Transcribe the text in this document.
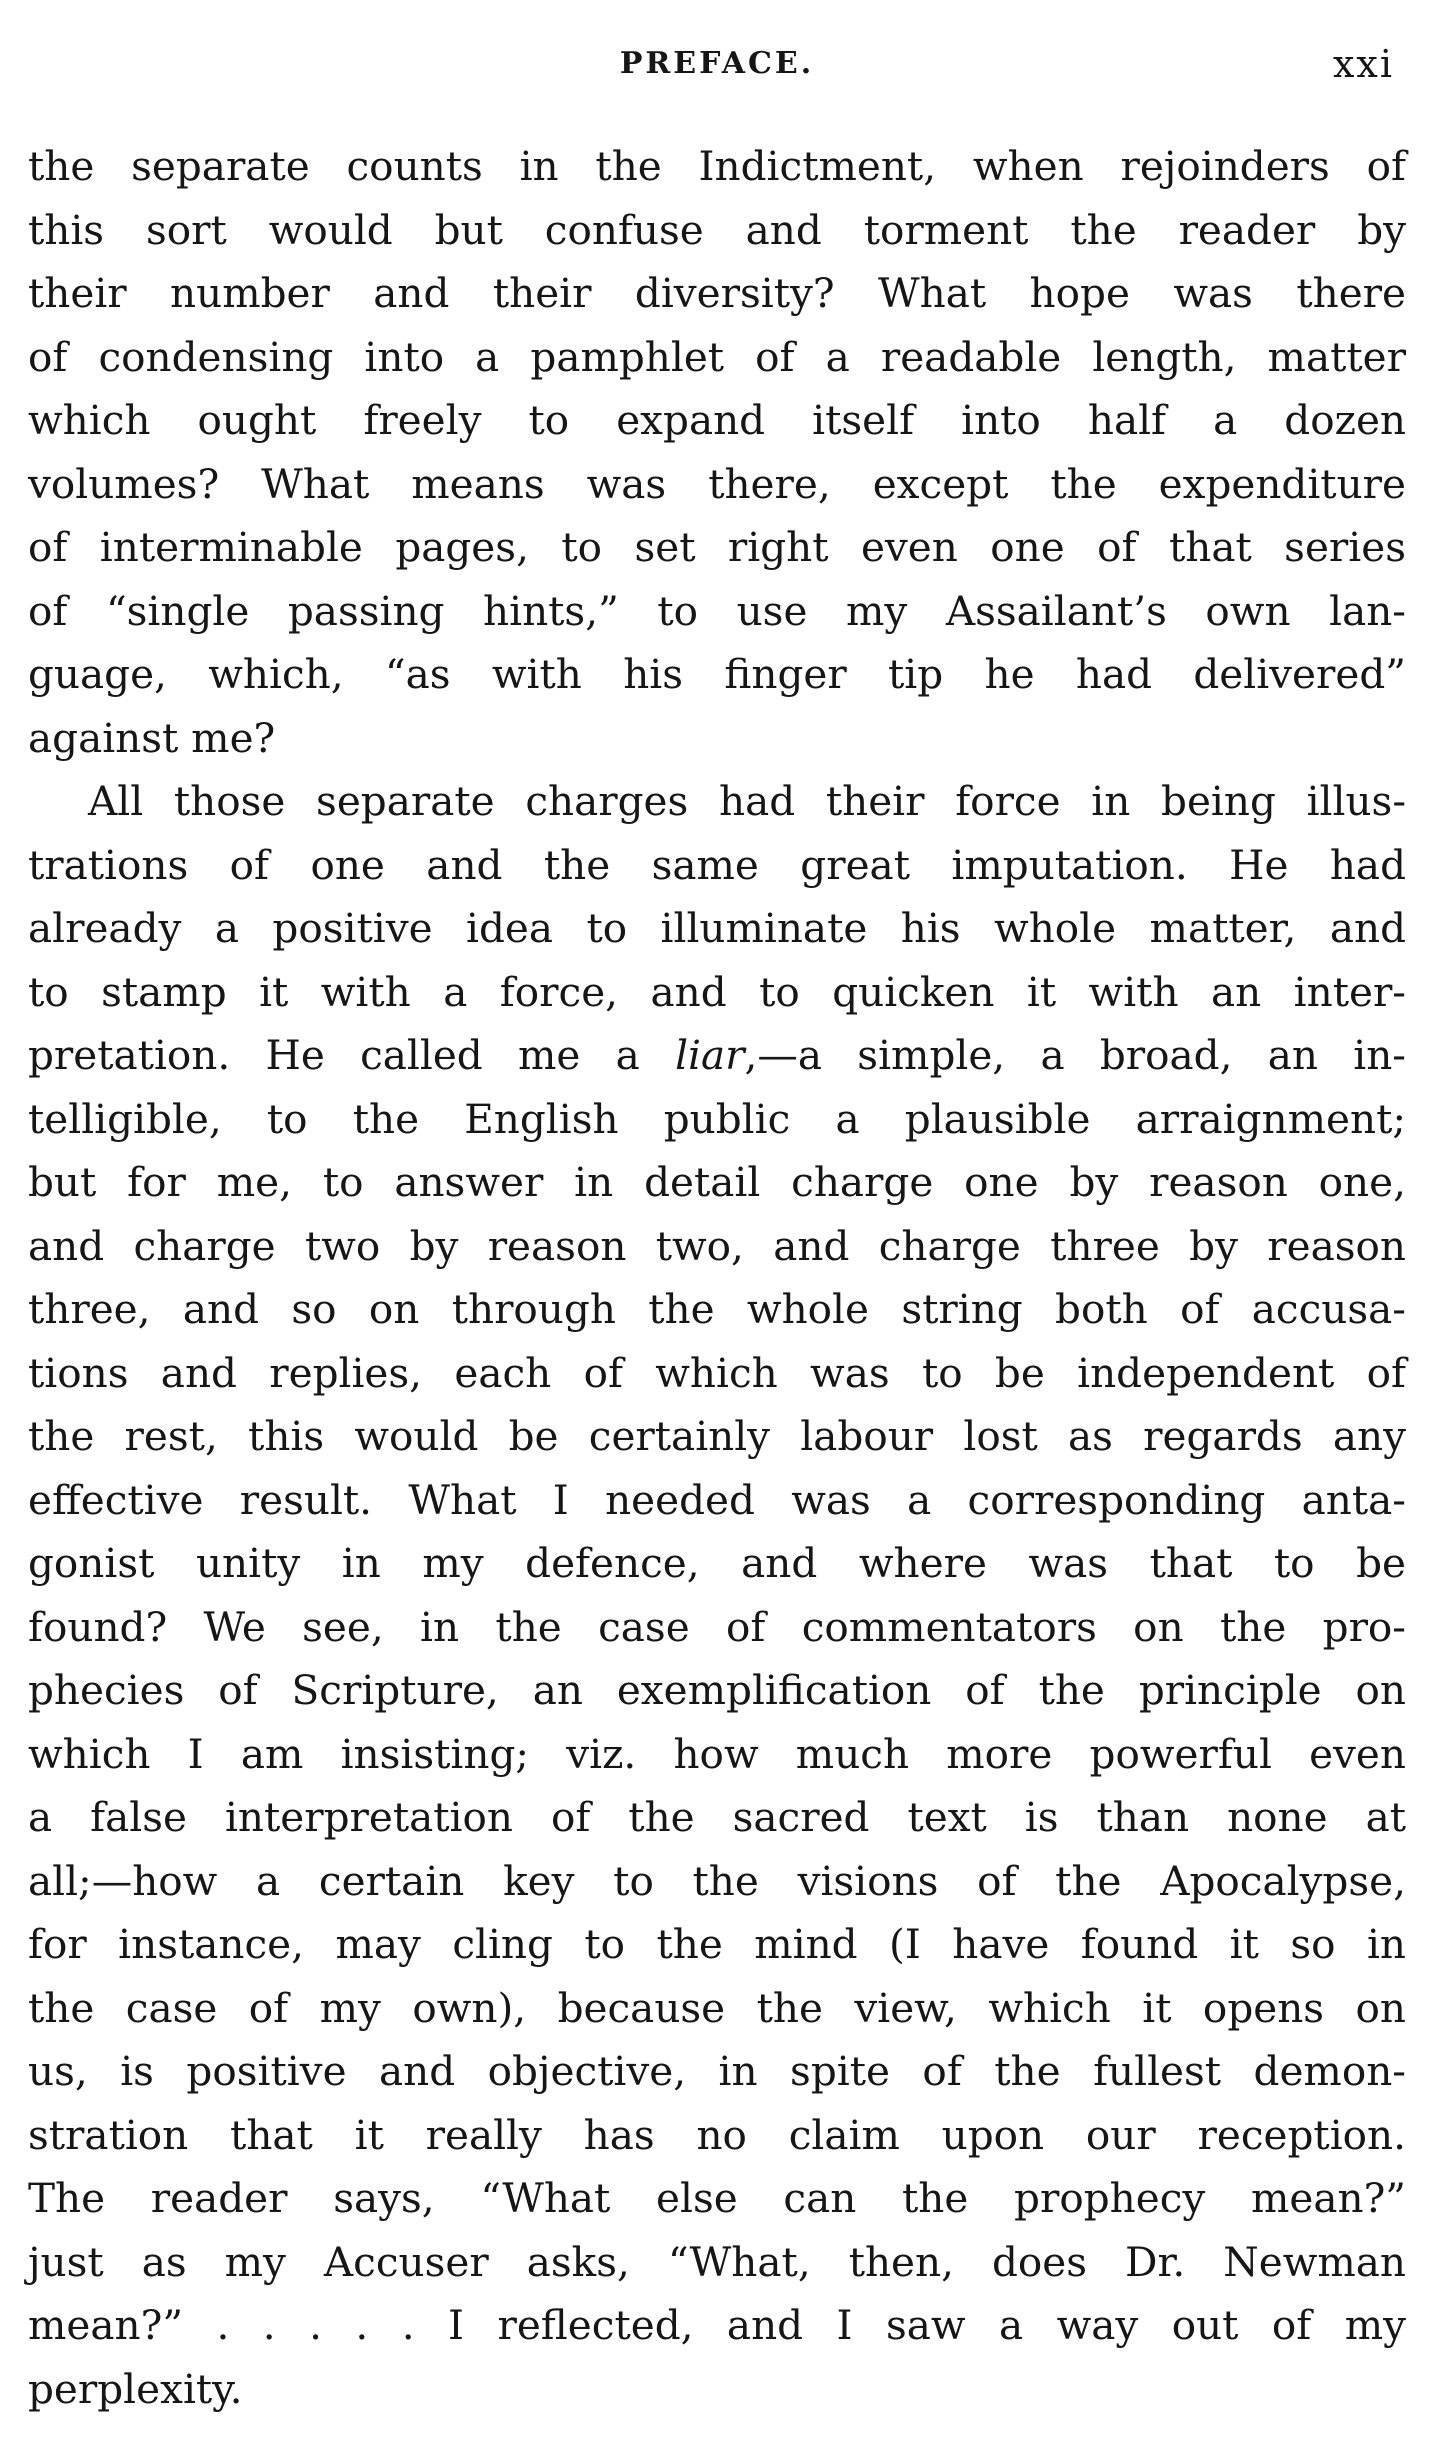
PREFACE.	xxi
the separate counts in the Indictment, when rejoinders of
this sort would but confuse and torment the reader by
their number and their diversity? What hope was there
of condensing into a pamphlet of a readable length, matter
which ought freely to expand itself into half a dozen
volumes? What means was there, except the expenditure
of interminable pages, to set right even one of that series
of “single passing hints,” to use my Assailant’s own lan-
guage, which, “as with his finger tip he had delivered”
against me?
All those separate charges had their force in being illus-
trations of one and the same great imputation. He had
already a positive idea to illuminate his whole matter, and
to stamp it with a force, and to quicken it with an inter-
pretation. He called me a liar,—a simple, a broad, an in-
telligible, to the English public a plausible arraignment;
but for me, to answer in detail charge one by reason one,
and charge two by reason two, and charge three by reason
three, and so on through the whole string both of accusa-
tions and replies, each of which was to be independent of
the rest, this would be certainly labour lost as regards any
effective result. What I needed was a corresponding anta-
gonist unity in my defence, and where was that to be
found? We see, in the case of commentators on the pro-
phecies of Scripture, an exemplification of the principle on
which I am insisting; viz. how much more powerful even
a false interpretation of the sacred text is than none at
all;—how a certain key to the visions of the Apocalypse,
for instance, may cling to the mind (I have found it so in
the case of my own), because the view, which it opens on
us, is positive and objective, in spite of the fullest demon-
stration that it really has no claim upon our reception.
The reader says, “What else can the prophecy mean?”
just as my Accuser asks, “What, then, does Dr. Newman
mean?” . . . . . I reflected, and I saw a way out of my
perplexity.
